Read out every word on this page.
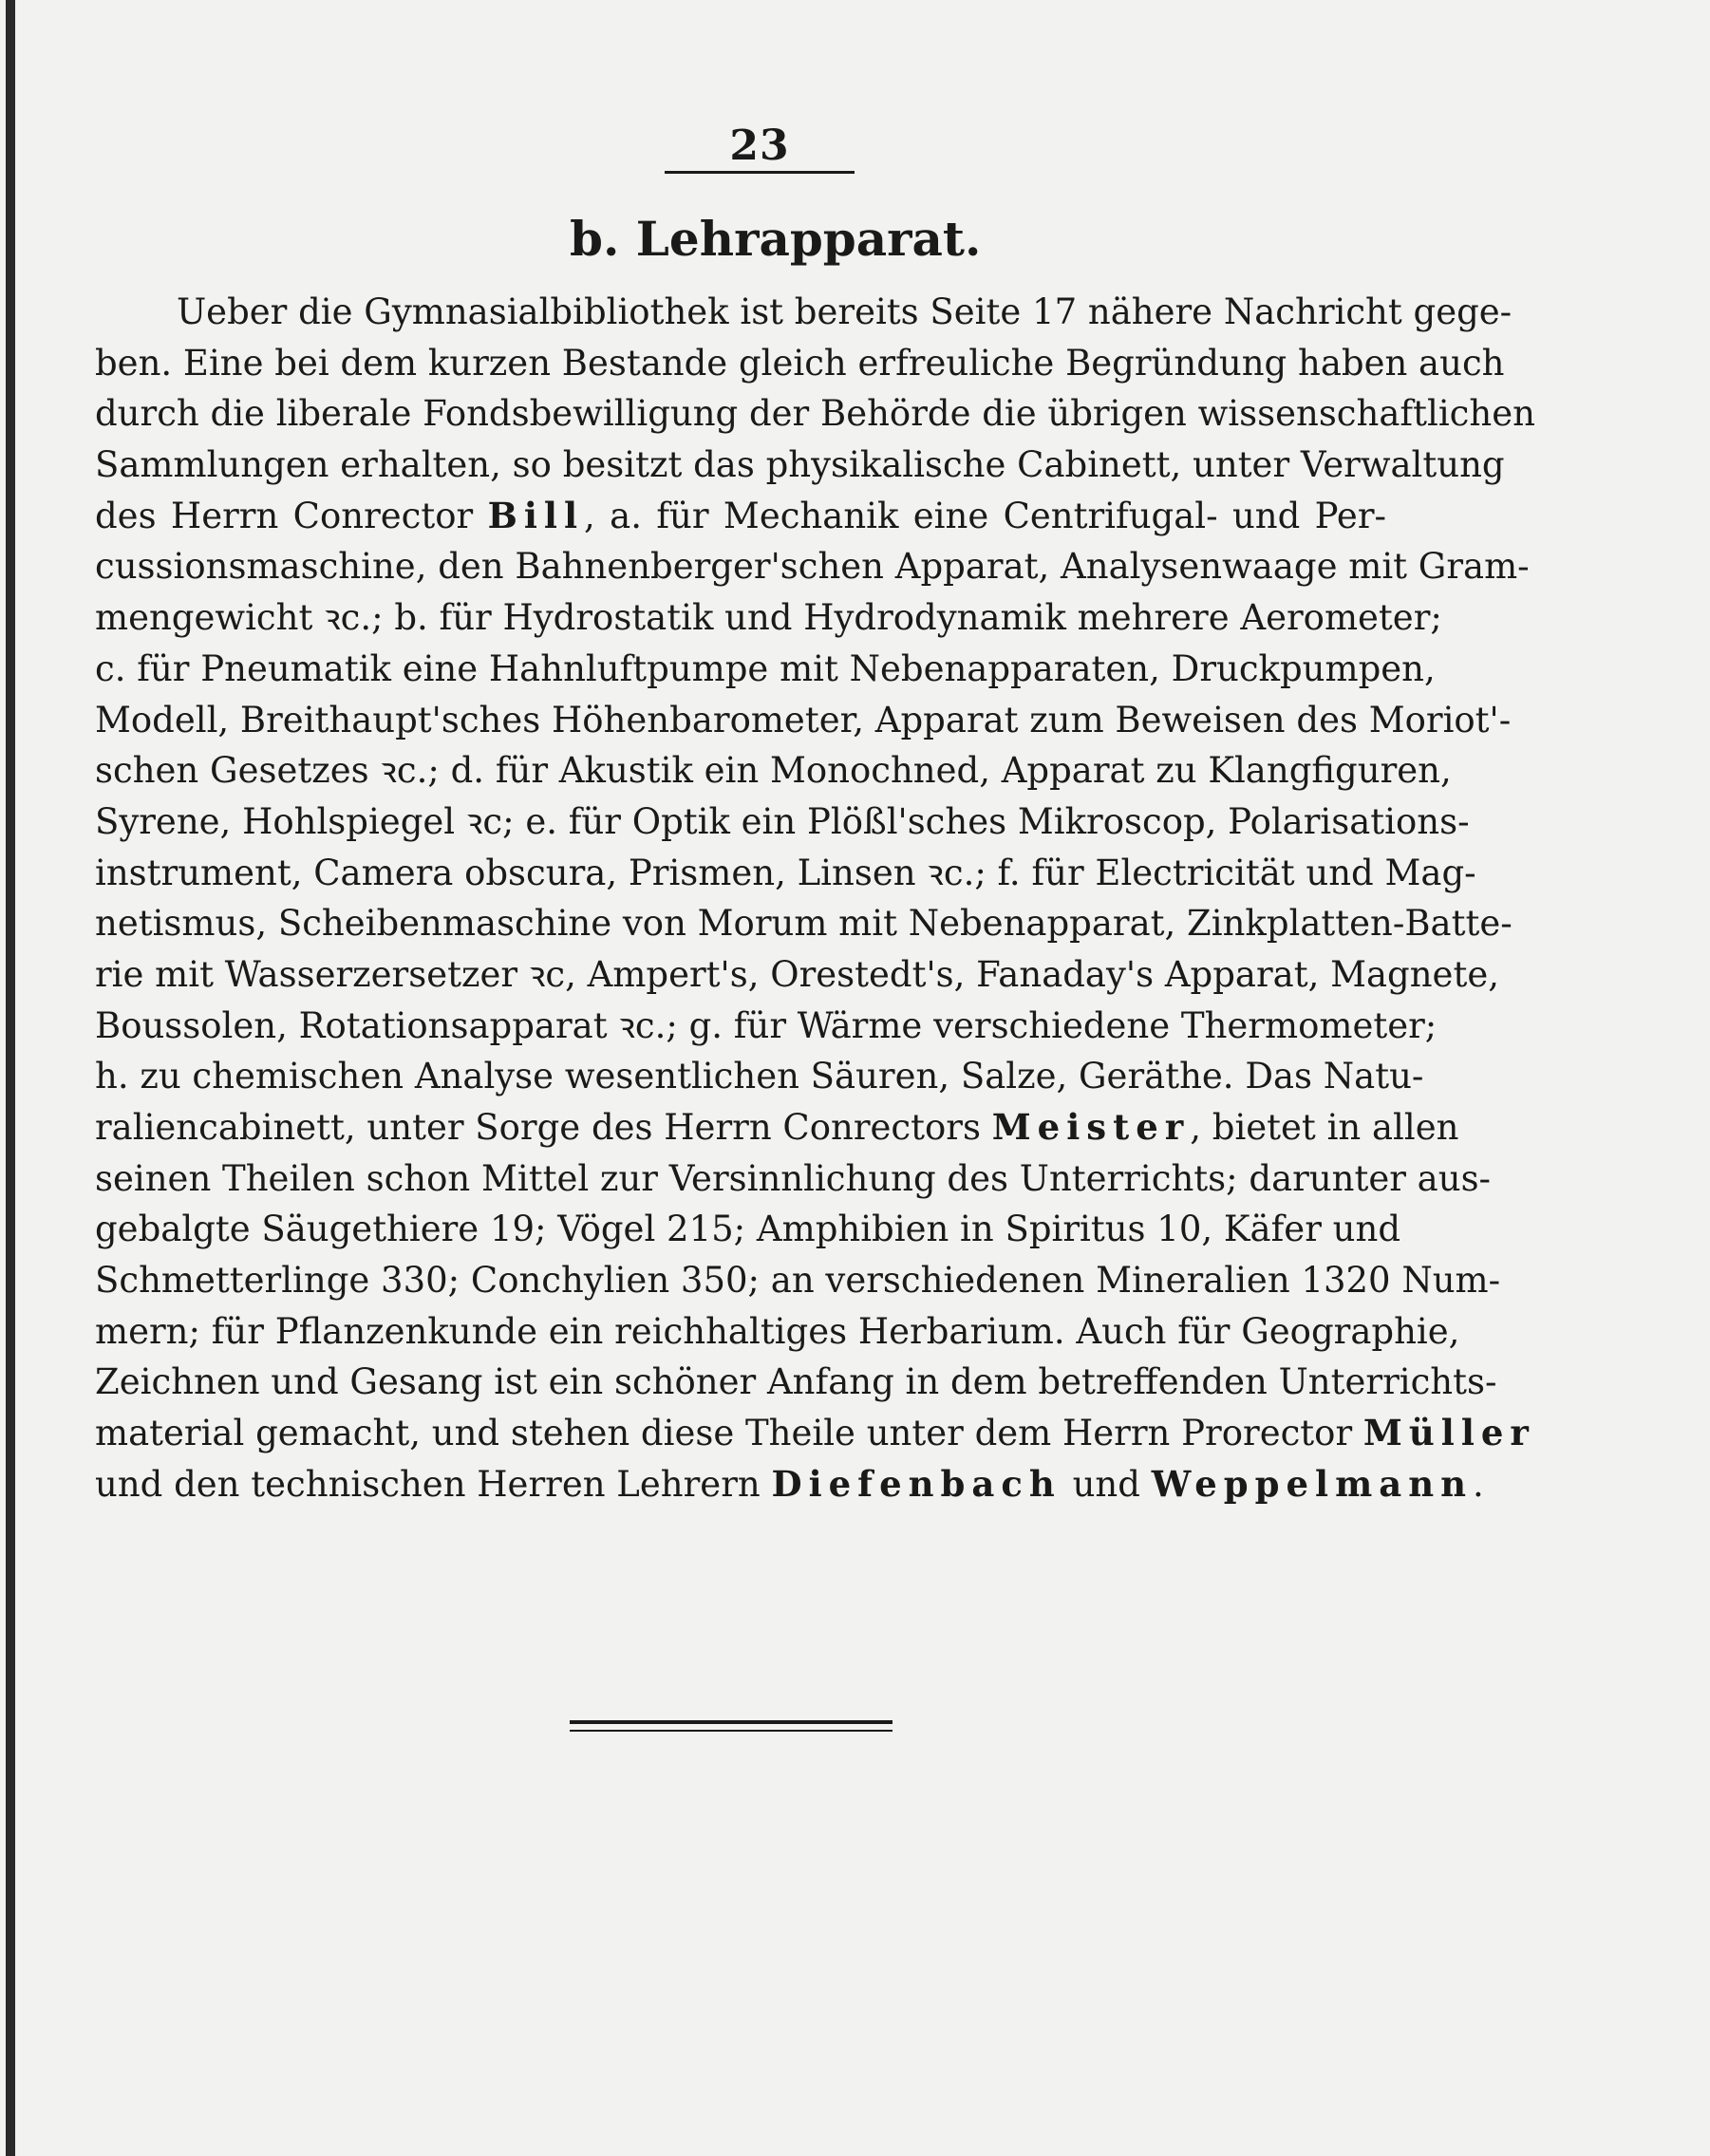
23
b. Lehrapparat.
Ueber die Gymnasialbibliothek ist bereits Seite 17 nähere Nachricht gege-
ben. Eine bei dem kurzen Bestande gleich erfreuliche Begründung haben auch
durch die liberale Fondsbewilligung der Behörde die übrigen wissenschaftlichen
Sammlungen erhalten, so besitzt das physikalische Cabinett, unter Verwaltung
des Herrn Conrector Bill, a. für Mechanik eine Centrifugal- und Per-
cussionsmaschine, den Bahnenberger'schen Apparat, Analysenwaage mit Gram-
mengewicht ꝛc.; b. für Hydrostatik und Hydrodynamik mehrere Aerometer;
c. für Pneumatik eine Hahnluftpumpe mit Nebenapparaten, Druckpumpen,
Modell, Breithaupt'sches Höhenbarometer, Apparat zum Beweisen des Moriot'-
schen Gesetzes ꝛc.; d. für Akustik ein Monochned, Apparat zu Klangfiguren,
Syrene, Hohlspiegel ꝛc; e. für Optik ein Plößl'sches Mikroscop, Polarisations-
instrument, Camera obscura, Prismen, Linsen ꝛc.; f. für Electricität und Mag-
netismus, Scheibenmaschine von Morum mit Nebenapparat, Zinkplatten-Batte-
rie mit Wasserzersetzer ꝛc, Ampert's, Orestedt's, Fanaday's Apparat, Magnete,
Boussolen, Rotationsapparat ꝛc.; g. für Wärme verschiedene Thermometer;
h. zu chemischen Analyse wesentlichen Säuren, Salze, Geräthe. Das Natu-
raliencabinett, unter Sorge des Herrn Conrectors Meister, bietet in allen
seinen Theilen schon Mittel zur Versinnlichung des Unterrichts; darunter aus-
gebalgte Säugethiere 19; Vögel 215; Amphibien in Spiritus 10, Käfer und
Schmetterlinge 330; Conchylien 350; an verschiedenen Mineralien 1320 Num-
mern; für Pflanzenkunde ein reichhaltiges Herbarium. Auch für Geographie,
Zeichnen und Gesang ist ein schöner Anfang in dem betreffenden Unterrichts-
material gemacht, und stehen diese Theile unter dem Herrn Prorector Müller
und den technischen Herren Lehrern Diefenbach und Weppelmann.
